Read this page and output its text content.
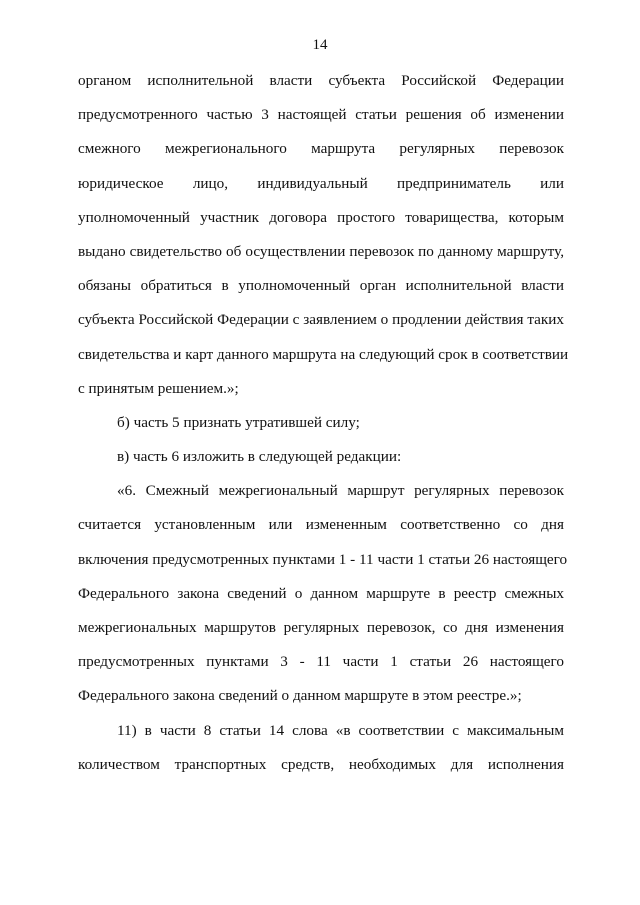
14
органом исполнительной власти субъекта Российской Федерации
предусмотренного частью 3 настоящей статьи решения об изменении
смежного межрегионального маршрута регулярных перевозок
юридическое лицо, индивидуальный предприниматель или
уполномоченный участник договора простого товарищества, которым
выдано свидетельство об осуществлении перевозок по данному маршруту,
обязаны обратиться в уполномоченный орган исполнительной власти
субъекта Российской Федерации с заявлением о продлении действия таких
свидетельства и карт данного маршрута на следующий срок в соответствии
с принятым решением.»;
б) часть 5 признать утратившей силу;
в) часть 6 изложить в следующей редакции:
«6. Смежный межрегиональный маршрут регулярных перевозок
считается установленным или измененным соответственно со дня
включения предусмотренных пунктами 1 - 11 части 1 статьи 26 настоящего
Федерального закона сведений о данном маршруте в реестр смежных
межрегиональных маршрутов регулярных перевозок, со дня изменения
предусмотренных пунктами 3 - 11 части 1 статьи 26 настоящего
Федерального закона сведений о данном маршруте в этом реестре.»;
11) в части 8 статьи 14 слова «в соответствии с максимальным
количеством транспортных средств, необходимых для исполнения
